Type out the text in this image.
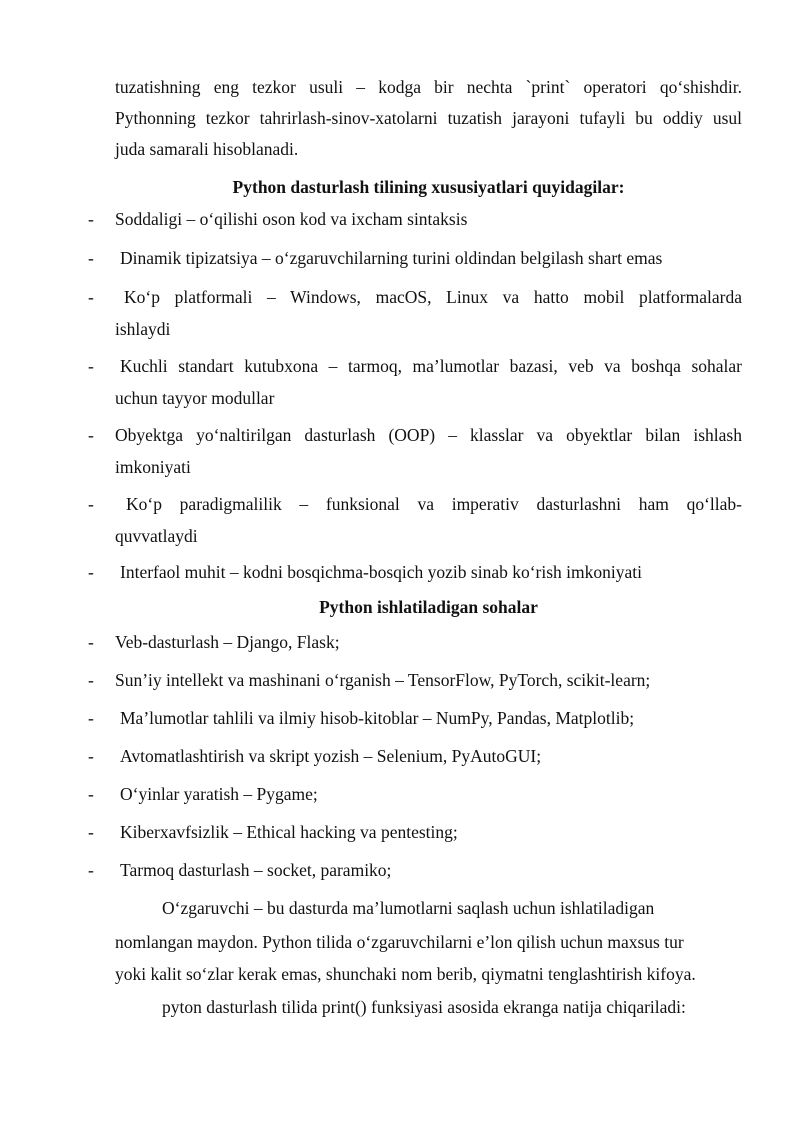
tuzatishning eng tezkor usuli – kodga bir nechta `print` operatori qo‘shishdir.
Pythonning tezkor tahrirlash-sinov-xatolarni tuzatish jarayoni tufayli bu oddiy usul
juda samarali hisoblanadi.
Python dasturlash tilining xususiyatlari quyidagilar:
- Soddaligi – o‘qilishi oson kod va ixcham sintaksis
- Dinamik tipizatsiya – o‘zgaruvchilarning turini oldindan belgilash shart emas
- Ko‘p platformali – Windows, macOS, Linux va hatto mobil platformalarda
ishlaydi
- Kuchli standart kutubxona – tarmoq, ma’lumotlar bazasi, veb va boshqa sohalar
uchun tayyor modullar
- Obyektga yo‘naltirilgan dasturlash (OOP) – klasslar va obyektlar bilan ishlash
imkoniyati
- Ko‘p paradigmalilik – funksional va imperativ dasturlashni ham qo‘llab-
quvvatlaydi
- Interfaol muhit – kodni bosqichma-bosqich yozib sinab ko‘rish imkoniyati
Python ishlatiladigan sohalar
- Veb-dasturlash – Django, Flask;
- Sun’iy intellekt va mashinani o‘rganish – TensorFlow, PyTorch, scikit-learn;
- Ma’lumotlar tahlili va ilmiy hisob-kitoblar – NumPy, Pandas, Matplotlib;
- Avtomatlashtirish va skript yozish – Selenium, PyAutoGUI;
- O‘yinlar yaratish – Pygame;
- Kiberxavfsizlik – Ethical hacking va pentesting;
- Tarmoq dasturlash – socket, paramiko;
O‘zgaruvchi – bu dasturda ma’lumotlarni saqlash uchun ishlatiladigan
nomlangan maydon. Python tilida o‘zgaruvchilarni e’lon qilish uchun maxsus tur
yoki kalit so‘zlar kerak emas, shunchaki nom berib, qiymatni tenglashtirish kifoya.
pyton dasturlash tilida print() funksiyasi asosida ekranga natija chiqariladi:
